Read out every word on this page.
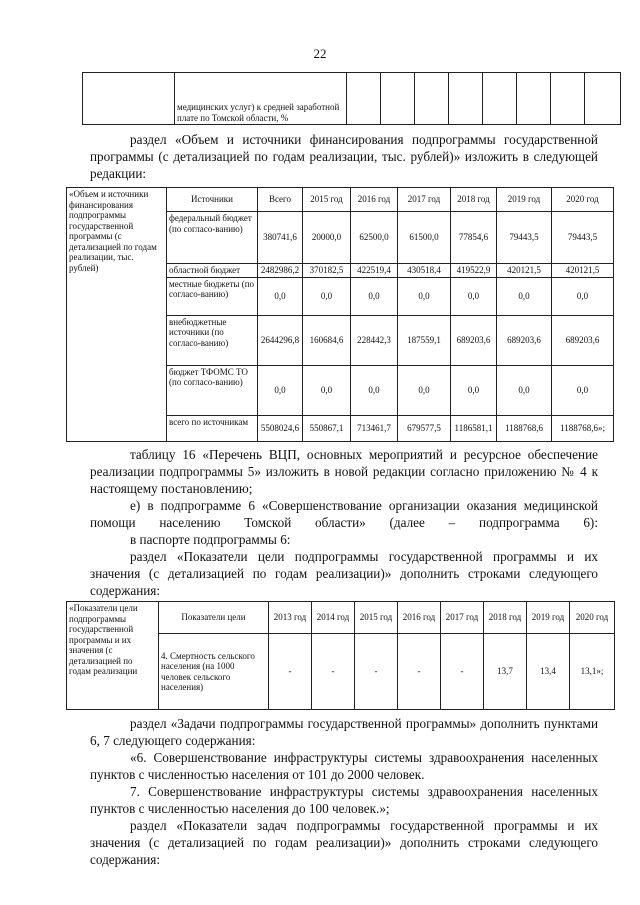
22
	медицинских услуг) к средней заработной плате по Томской области, %								
раздел «Объем и источники финансирования подпрограммы государственной программы (с детализацией по годам реализации, тыс. рублей)» изложить в следующей редакции:
«Объем и источники финансирования подпрограммы государственной программы (с детализацией по годам реализации, тыс. рублей)	Источники	Всего	2015 год	2016 год	2017 год	2018 год	2019 год	2020 год
	федеральный бюджет (по согласо-ванию)	380741,6	20000,0	62500,0	61500,0	77854,6	79443,5	79443,5
	областной бюджет	2482986,2	370182,5	422519,4	430518,4	419522,9	420121,5	420121,5
	местные бюджеты (по согласо-ванию)	0,0	0,0	0,0	0,0	0,0	0,0	0,0
	внебюджетные источники (по согласо-ванию)	2644296,8	160684,6	228442,3	187559,1	689203,6	689203,6	689203,6
	бюджет ТФОМС ТО (по согласо-ванию)	0,0	0,0	0,0	0,0	0,0	0,0	0,0
	всего по источникам	5508024,6	550867,1	713461,7	679577,5	1186581,1	1188768,6	1188768,6»;
таблицу 16 «Перечень ВЦП, основных мероприятий и ресурсное обеспечение реализации подпрограммы 5» изложить в новой редакции согласно приложению № 4 к настоящему постановлению;
е) в подпрограмме 6 «Совершенствование организации оказания медицинской помощи населению Томской области» (далее – подпрограмма 6):
в паспорте подпрограммы 6:
раздел «Показатели цели подпрограммы государственной программы и их значения (с детализацией по годам реализации)» дополнить строками следующего содержания:
«Показатели цели подпрограммы государственной программы и их значения (с детализацией по годам реализации	Показатели цели	2013 год	2014 год	2015 год	2016 год	2017 год	2018 год	2019 год	2020 год
	4. Смертность сельского населения (на 1000 человек сельского населения)	-	-	-	-	-	13,7	13,4	13,1»;
раздел «Задачи подпрограммы государственной программы» дополнить пунктами 6, 7 следующего содержания:
«6. Совершенствование инфраструктуры системы здравоохранения населенных пунктов с численностью населения от 101 до 2000 человек.
7. Совершенствование инфраструктуры системы здравоохранения населенных пунктов с численностью населения до 100 человек.»;
раздел «Показатели задач подпрограммы государственной программы и их значения (с детализацией по годам реализации)» дополнить строками следующего содержания:
